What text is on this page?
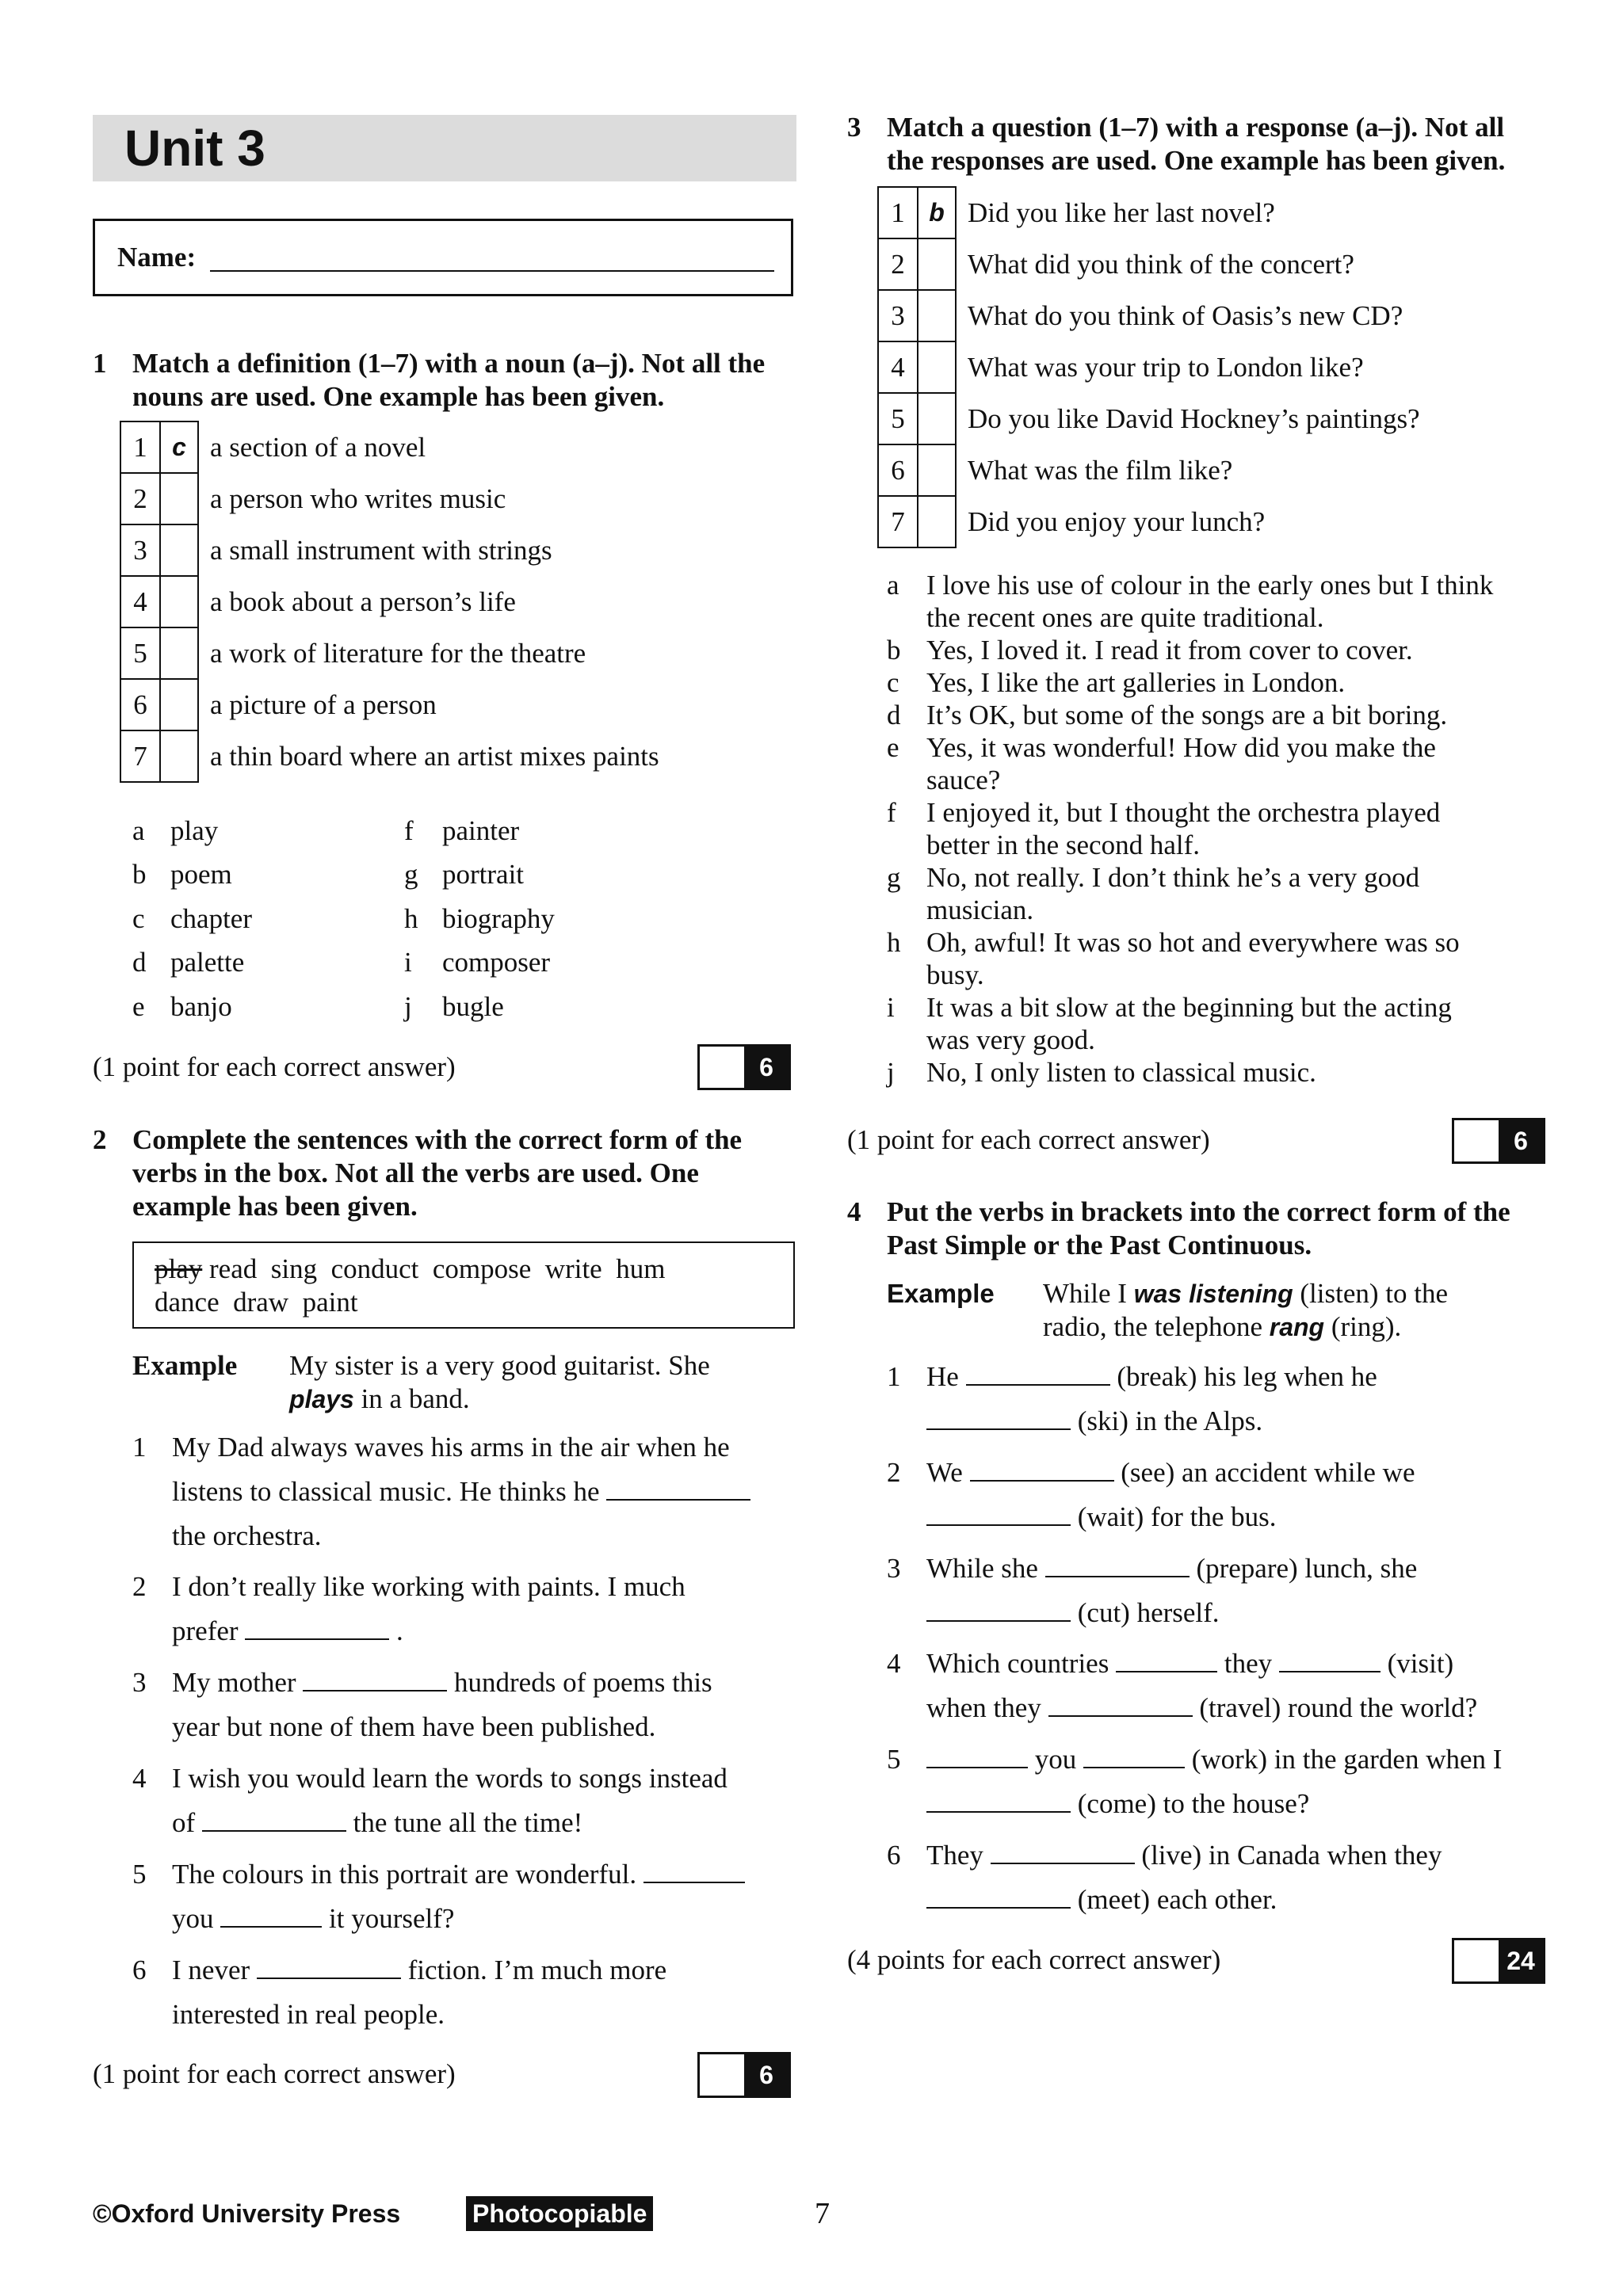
Unit 3
Name:
1 Match a definition (1–7) with a noun (a–j). Not all the
nouns are used. One example has been given.
1	c	a section of a novel
2		a person who writes music
3		a small instrument with strings
4		a book about a person’s life
5		a work of literature for the theatre
6		a picture of a person
7		a thin board where an artist mixes paints
a play
b poem
c chapter
d palette
e banjo
f painter
g portrait
h biography
i composer
j bugle
(1 point for each correct answer)	6
2 Complete the sentences with the correct form of the
verbs in the box. Not all the verbs are used. One
example has been given.
play read  sing  conduct  compose  write  hum
dance  draw  paint
Example My sister is a very good guitarist. She
plays in a band.
1 My Dad always waves his arms in the air when he
listens to classical music. He thinks he
the orchestra.
2 I don’t really like working with paints. I much
prefer	.
3 My mother	hundreds of poems this
year but none of them have been published.
4 I wish you would learn the words to songs instead
of	the tune all the time!
5 The colours in this portrait are wonderful.
you	it yourself?
6 I never	fiction. I’m much more
interested in real people.
(1 point for each correct answer)	6
3 Match a question (1–7) with a response (a–j). Not all
the responses are used. One example has been given.
1	b	Did you like her last novel?
2		What did you think of the concert?
3		What do you think of Oasis’s new CD?
4		What was your trip to London like?
5		Do you like David Hockney’s paintings?
6		What was the film like?
7		Did you enjoy your lunch?
a I love his use of colour in the early ones but I think
the recent ones are quite traditional.
b Yes, I loved it. I read it from cover to cover.
c Yes, I like the art galleries in London.
d It’s OK, but some of the songs are a bit boring.
e Yes, it was wonderful! How did you make the
sauce?
f I enjoyed it, but I thought the orchestra played
better in the second half.
g No, not really. I don’t think he’s a very good
musician.
h Oh, awful! It was so hot and everywhere was so
busy.
i It was a bit slow at the beginning but the acting
was very good.
j No, I only listen to classical music.
(1 point for each correct answer)	6
4 Put the verbs in brackets into the correct form of the
Past Simple or the Past Continuous.
Example While I was listening (listen) to the
radio, the telephone rang (ring).
1 He	(break) his leg when he
(ski) in the Alps.
2 We	(see) an accident while we
(wait) for the bus.
3 While she	(prepare) lunch, she
(cut) herself.
4 Which countries	they	(visit)
when they	(travel) round the world?
5	you	(work) in the garden when I
(come) to the house?
6 They	(live) in Canada when they
(meet) each other.
(4 points for each correct answer)	24
©Oxford University Press	Photocopiable	7
